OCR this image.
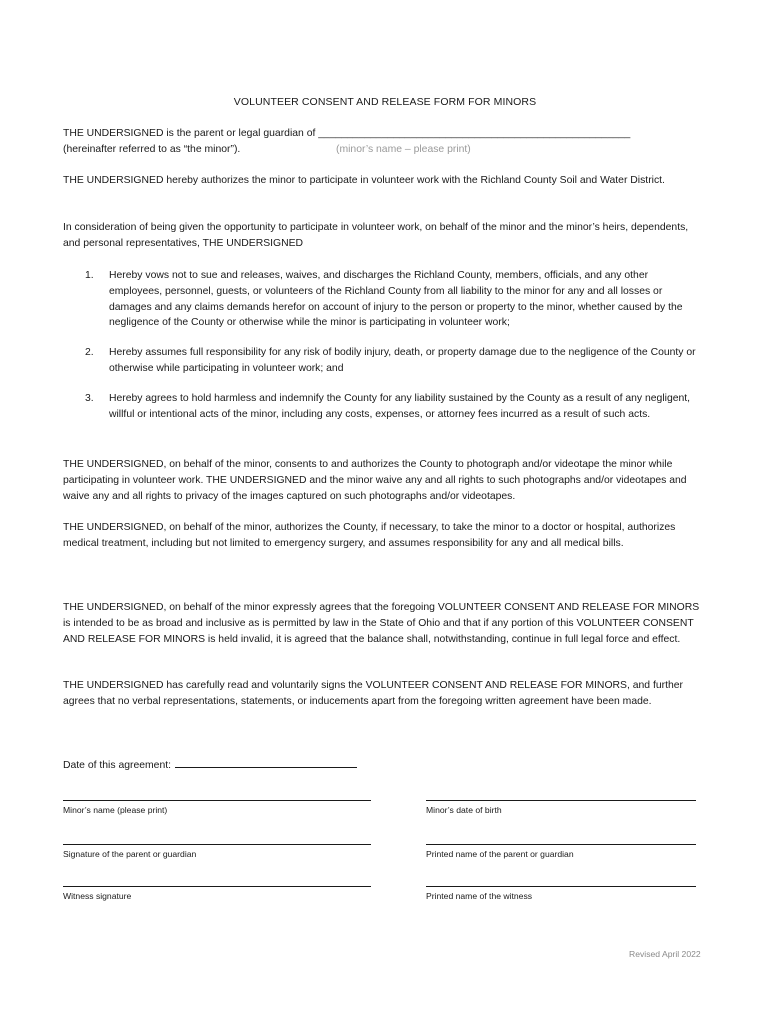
VOLUNTEER CONSENT AND RELEASE FORM FOR MINORS
THE UNDERSIGNED is the parent or legal guardian of ______________________________________________________
(hereinafter referred to as “the minor”).	(minor’s name – please print)
THE UNDERSIGNED hereby authorizes the minor to participate in volunteer work with the Richland County Soil and Water District.
In consideration of being given the opportunity to participate in volunteer work, on behalf of the minor and the minor’s heirs, dependents, and personal representatives, THE UNDERSIGNED
1. Hereby vows not to sue and releases, waives, and discharges the Richland County, members, officials, and any other employees, personnel, guests, or volunteers of the Richland County from all liability to the minor for any and all losses or damages and any claims demands herefor on account of injury to the person or property to the minor, whether caused by the negligence of the County or otherwise while the minor is participating in volunteer work;
2. Hereby assumes full responsibility for any risk of bodily injury, death, or property damage due to the negligence of the County or otherwise while participating in volunteer work; and
3. Hereby agrees to hold harmless and indemnify the County for any liability sustained by the County as a result of any negligent, willful or intentional acts of the minor, including any costs, expenses, or attorney fees incurred as a result of such acts.
THE UNDERSIGNED, on behalf of the minor, consents to and authorizes the County to photograph and/or videotape the minor while participating in volunteer work. THE UNDERSIGNED and the minor waive any and all rights to such photographs and/or videotapes and waive any and all rights to privacy of the images captured on such photographs and/or videotapes.
THE UNDERSIGNED, on behalf of the minor, authorizes the County, if necessary, to take the minor to a doctor or hospital, authorizes medical treatment, including but not limited to emergency surgery, and assumes responsibility for any and all medical bills.
THE UNDERSIGNED, on behalf of the minor expressly agrees that the foregoing VOLUNTEER CONSENT AND RELEASE FOR MINORS is intended to be as broad and inclusive as is permitted by law in the State of Ohio and that if any portion of this VOLUNTEER CONSENT AND RELEASE FOR MINORS is held invalid, it is agreed that the balance shall, notwithstanding, continue in full legal force and effect.
THE UNDERSIGNED has carefully read and voluntarily signs the VOLUNTEER CONSENT AND RELEASE FOR MINORS, and further agrees that no verbal representations, statements, or inducements apart from the foregoing written agreement have been made.
Date of this agreement:
Minor’s name (please print)	Minor’s date of birth
Signature of the parent or guardian	Printed name of the parent or guardian
Witness signature	Printed name of the witness
Revised April 2022
